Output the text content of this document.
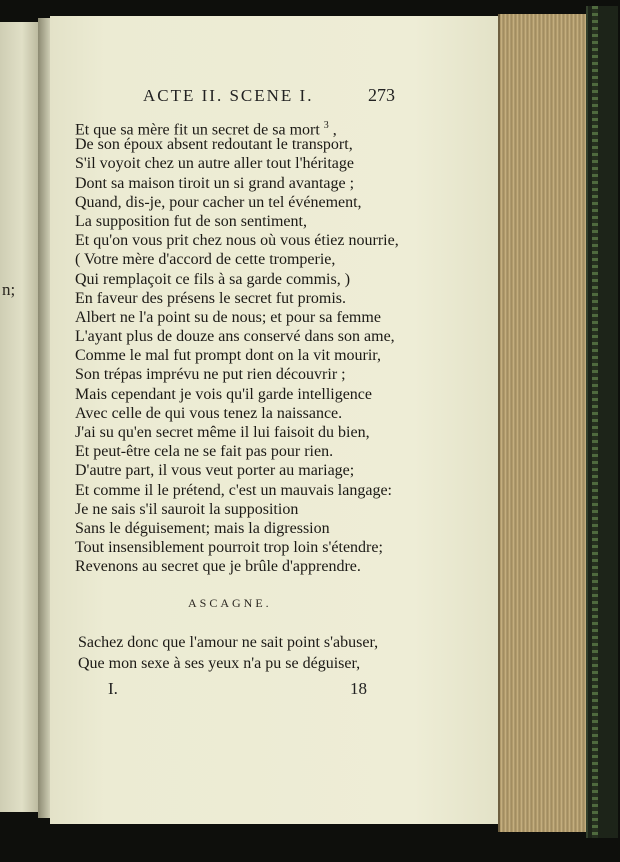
n;
ACTE II. SCENE I.	273
Et que sa mère fit un secret de sa mort $^3$ ,
De son époux absent redoutant le transport,
S'il voyoit chez un autre aller tout l'héritage
Dont sa maison tiroit un si grand avantage ;
Quand, dis-je, pour cacher un tel événement,
La supposition fut de son sentiment,
Et qu'on vous prit chez nous où vous étiez nourrie,
( Votre mère d'accord de cette tromperie,
Qui remplaçoit ce fils à sa garde commis, )
En faveur des présens le secret fut promis.
Albert ne l'a point su de nous; et pour sa femme
L'ayant plus de douze ans conservé dans son ame,
Comme le mal fut prompt dont on la vit mourir,
Son trépas imprévu ne put rien découvrir ;
Mais cependant je vois qu'il garde intelligence
Avec celle de qui vous tenez la naissance.
J'ai su qu'en secret même il lui faisoit du bien,
Et peut-être cela ne se fait pas pour rien.
D'autre part, il vous veut porter au mariage;
Et comme il le prétend, c'est un mauvais langage:
Je ne sais s'il sauroit la supposition
Sans le déguisement; mais la digression
Tout insensiblement pourroit trop loin s'étendre;
Revenons au secret que je brûle d'apprendre.
ASCAGNE.
Sachez donc que l'amour ne sait point s'abuser,
Que mon sexe à ses yeux n'a pu se déguiser,
I.	18
